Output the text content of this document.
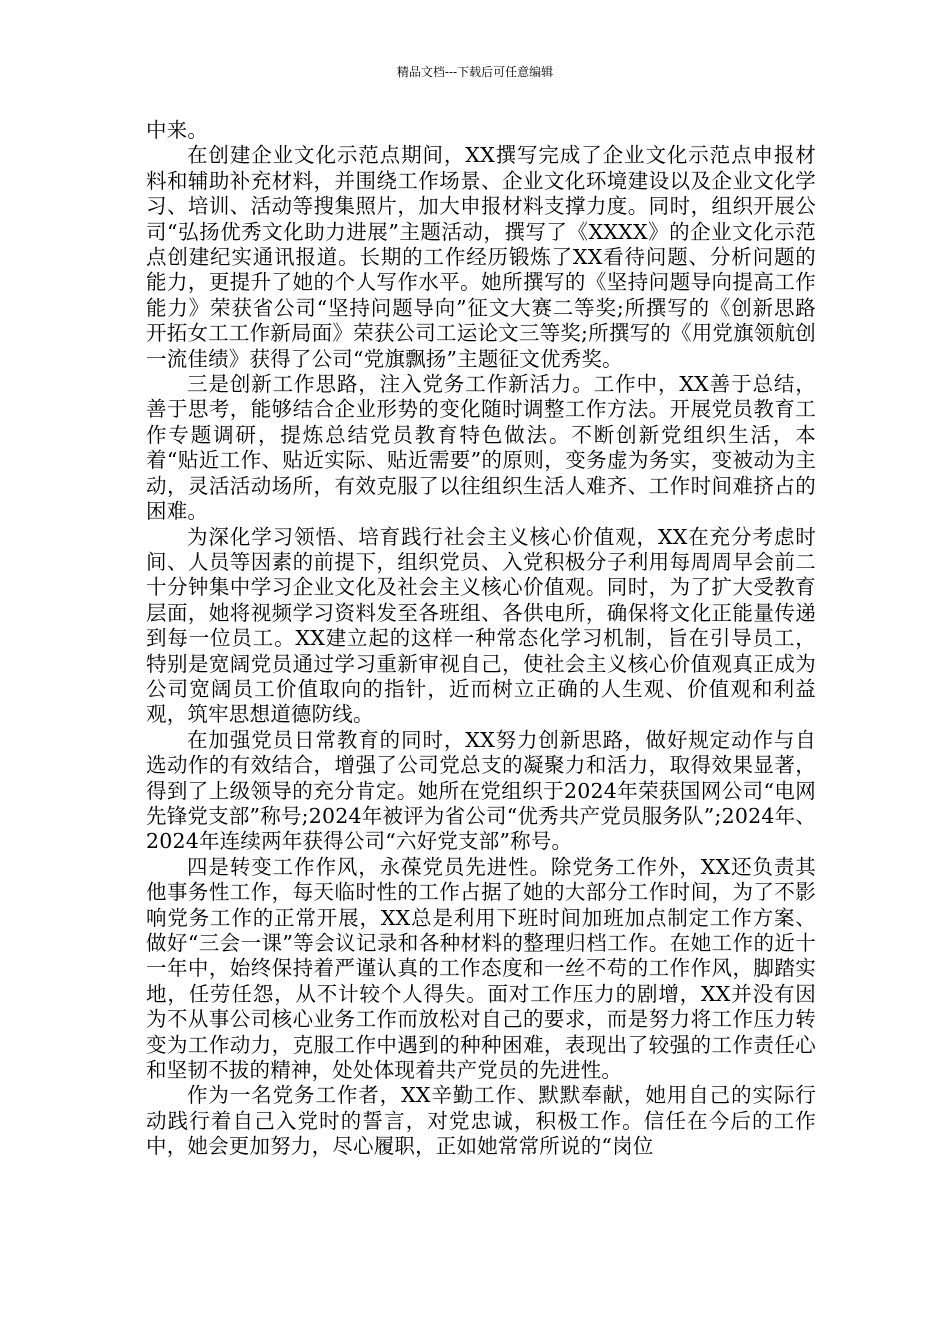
精品文档---下载后可任意编辑

中来。

在创建企业文化示范点期间，XX撰写完成了企业文化示范点申报材料和辅助补充材料，并围绕工作场景、企业文化环境建设以及企业文化学习、培训、活动等搜集照片，加大申报材料支撑力度。同时，组织开展公司“弘扬优秀文化助力进展”主题活动，撰写了《XXXX》的企业文化示范点创建纪实通讯报道。长期的工作经历锻炼了XX看待问题、分析问题的能力，更提升了她的个人写作水平。她所撰写的《坚持问题导向提高工作能力》荣获省公司“坚持问题导向”征文大赛二等奖;所撰写的《创新思路开拓女工工作新局面》荣获公司工运论文三等奖;所撰写的《用党旗领航创一流佳绩》获得了公司“党旗飘扬”主题征文优秀奖。

三是创新工作思路，注入党务工作新活力。工作中，XX善于总结，善于思考，能够结合企业形势的变化随时调整工作方法。开展党员教育工作专题调研，提炼总结党员教育特色做法。不断创新党组织生活，本着“贴近工作、贴近实际、贴近需要”的原则，变务虚为务实，变被动为主动，灵活活动场所，有效克服了以往组织生活人难齐、工作时间难挤占的困难。

为深化学习领悟、培育践行社会主义核心价值观，XX在充分考虑时间、人员等因素的前提下，组织党员、入党积极分子利用每周周早会前二十分钟集中学习企业文化及社会主义核心价值观。同时，为了扩大受教育层面，她将视频学习资料发至各班组、各供电所，确保将文化正能量传递到每一位员工。XX建立起的这样一种常态化学习机制，旨在引导员工，特别是宽阔党员通过学习重新审视自己，使社会主义核心价值观真正成为公司宽阔员工价值取向的指针，近而树立正确的人生观、价值观和利益观，筑牢思想道德防线。

在加强党员日常教育的同时，XX努力创新思路，做好规定动作与自选动作的有效结合，增强了公司党总支的凝聚力和活力，取得效果显著，得到了上级领导的充分肯定。她所在党组织于2024年荣获国网公司“电网先锋党支部”称号;2024年被评为省公司“优秀共产党员服务队”;2024年、2024年连续两年获得公司“六好党支部”称号。

四是转变工作作风，永葆党员先进性。除党务工作外，XX还负责其他事务性工作，每天临时性的工作占据了她的大部分工作时间，为了不影响党务工作的正常开展，XX总是利用下班时间加班加点制定工作方案、做好“三会一课”等会议记录和各种材料的整理归档工作。在她工作的近十一年中，始终保持着严谨认真的工作态度和一丝不苟的工作作风，脚踏实地，任劳任怨，从不计较个人得失。面对工作压力的剧增，XX并没有因为不从事公司核心业务工作而放松对自己的要求，而是努力将工作压力转变为工作动力，克服工作中遇到的种种困难，表现出了较强的工作责任心和坚韧不拔的精神，处处体现着共产党员的先进性。

作为一名党务工作者，XX辛勤工作、默默奉献，她用自己的实际行动践行着自己入党时的誓言，对党忠诚，积极工作。信任在今后的工作中，她会更加努力，尽心履职，正如她常常所说的“岗位
